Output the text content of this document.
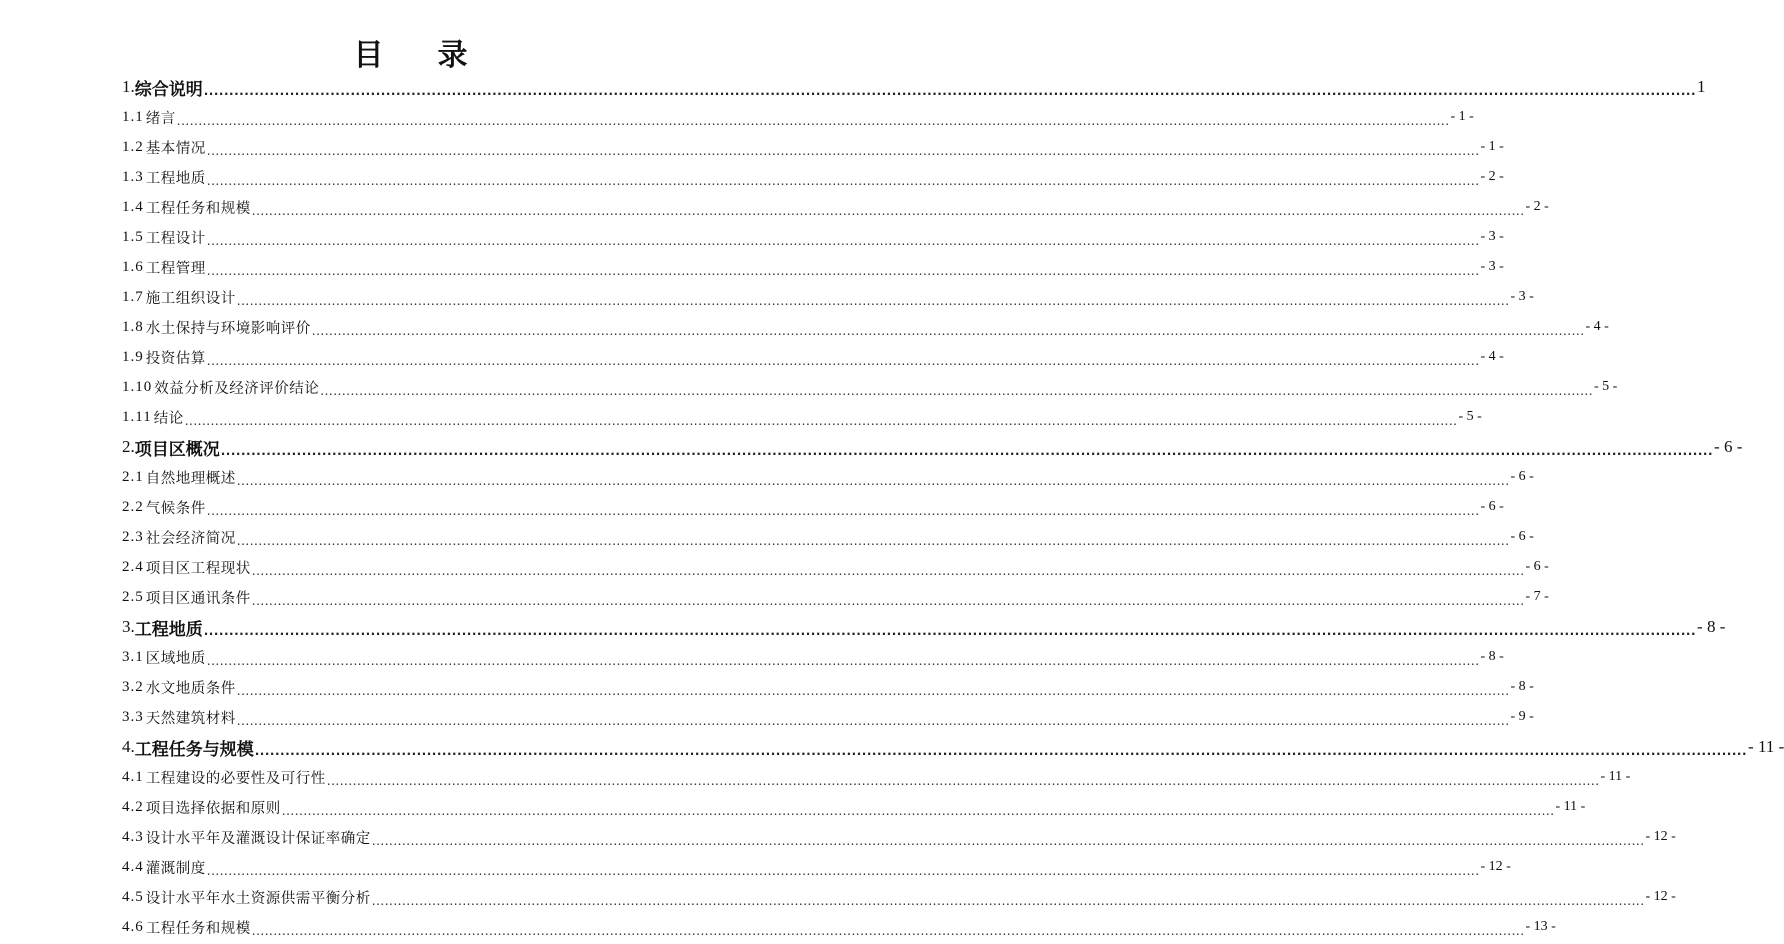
目 录
1. 综合说明 ....................................................................................................................................................................................................................................................................................................... 1
1.1 绪言 ....................................................................................................................................................................................................................................................................................................... - 1 -
1.2 基本情况 ....................................................................................................................................................................................................................................................................................................... - 1 -
1.3 工程地质 ....................................................................................................................................................................................................................................................................................................... - 2 -
1.4 工程任务和规模 ....................................................................................................................................................................................................................................................................................................... - 2 -
1.5 工程设计 ....................................................................................................................................................................................................................................................................................................... - 3 -
1.6 工程管理 ....................................................................................................................................................................................................................................................................................................... - 3 -
1.7 施工组织设计 ....................................................................................................................................................................................................................................................................................................... - 3 -
1.8 水土保持与环境影响评价 ....................................................................................................................................................................................................................................................................................................... - 4 -
1.9 投资估算 ....................................................................................................................................................................................................................................................................................................... - 4 -
1.10 效益分析及经济评价结论 ....................................................................................................................................................................................................................................................................................................... - 5 -
1.11 结论 ....................................................................................................................................................................................................................................................................................................... - 5 -
2. 项目区概况 ....................................................................................................................................................................................................................................................................................................... - 6 -
2.1 自然地理概述 ....................................................................................................................................................................................................................................................................................................... - 6 -
2.2 气候条件 ....................................................................................................................................................................................................................................................................................................... - 6 -
2.3 社会经济简况 ....................................................................................................................................................................................................................................................................................................... - 6 -
2.4 项目区工程现状 ....................................................................................................................................................................................................................................................................................................... - 6 -
2.5 项目区通讯条件 ....................................................................................................................................................................................................................................................................................................... - 7 -
3. 工程地质 ....................................................................................................................................................................................................................................................................................................... - 8 -
3.1 区域地质 ....................................................................................................................................................................................................................................................................................................... - 8 -
3.2 水文地质条件 ....................................................................................................................................................................................................................................................................................................... - 8 -
3.3 天然建筑材料 ....................................................................................................................................................................................................................................................................................................... - 9 -
4. 工程任务与规模 ....................................................................................................................................................................................................................................................................................................... - 11 -
4.1 工程建设的必要性及可行性 ....................................................................................................................................................................................................................................................................................................... - 11 -
4.2 项目选择依据和原则 ....................................................................................................................................................................................................................................................................................................... - 11 -
4.3 设计水平年及灌溉设计保证率确定 ....................................................................................................................................................................................................................................................................................................... - 12 -
4.4 灌溉制度 ....................................................................................................................................................................................................................................................................................................... - 12 -
4.5 设计水平年水土资源供需平衡分析 ....................................................................................................................................................................................................................................................................................................... - 12 -
4.6 工程任务和规模 ....................................................................................................................................................................................................................................................................................................... - 13 -
